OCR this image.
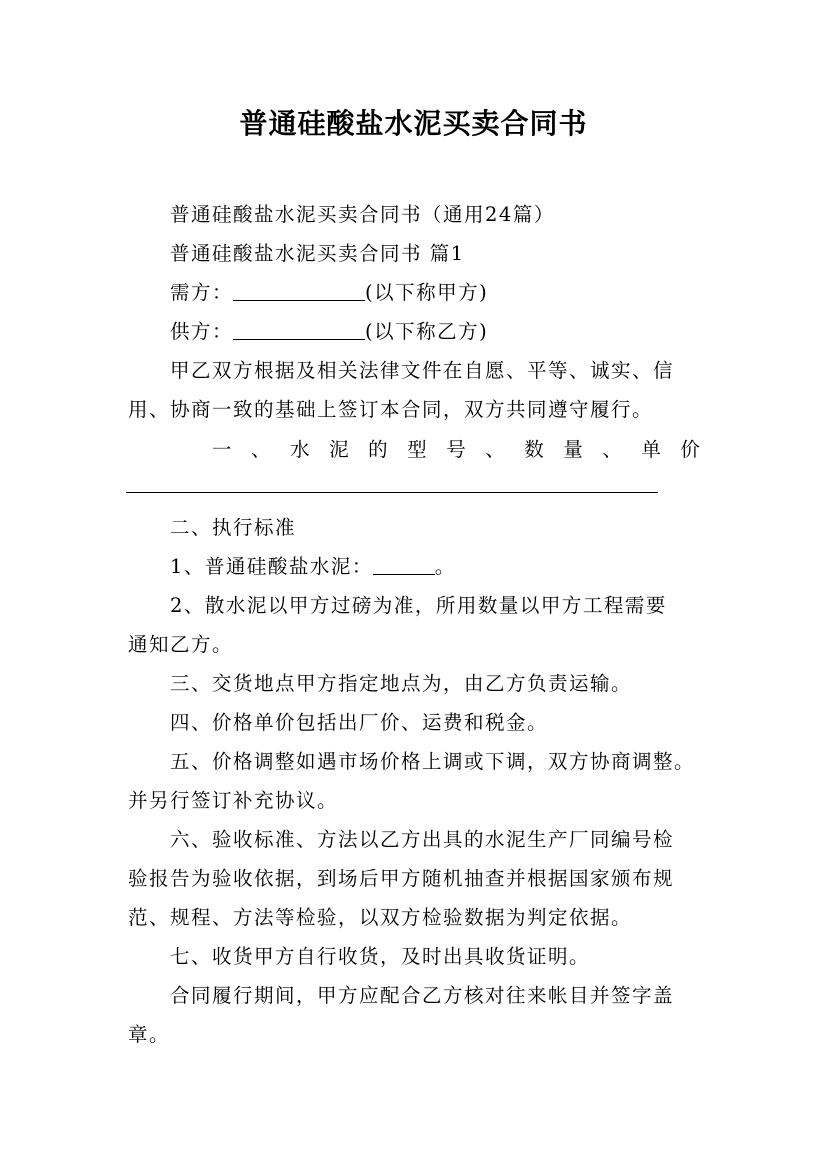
普通硅酸盐水泥买卖合同书
普通硅酸盐水泥买卖合同书（通用24篇）
普通硅酸盐水泥买卖合同书 篇1
需方：	(以下称甲方)
供方：	(以下称乙方)
甲乙双方根据及相关法律文件在自愿、平等、诚实、信
用、协商一致的基础上签订本合同，双方共同遵守履行。
一 、 水 泥 的 型 号 、 数 量 、 单 价
二、执行标准
1、普通硅酸盐水泥：	。
2、散水泥以甲方过磅为准，所用数量以甲方工程需要
通知乙方。
三、交货地点甲方指定地点为，由乙方负责运输。
四、价格单价包括出厂价、运费和税金。
五、价格调整如遇市场价格上调或下调，双方协商调整。
并另行签订补充协议。
六、验收标准、方法以乙方出具的水泥生产厂同编号检
验报告为验收依据，到场后甲方随机抽查并根据国家颁布规
范、规程、方法等检验，以双方检验数据为判定依据。
七、收货甲方自行收货，及时出具收货证明。
合同履行期间，甲方应配合乙方核对往来帐目并签字盖
章。
